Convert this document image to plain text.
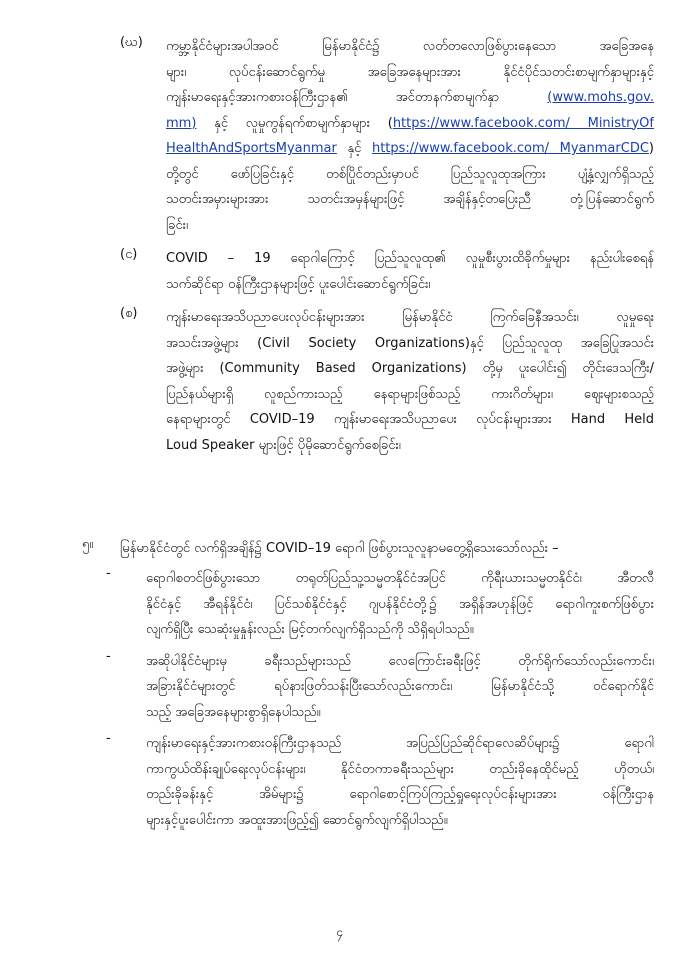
(ဃ)	ကမ္ဘာ့နိုင်ငံများအပါအဝင် မြန်မာနိုင်ငံ၌ လတ်တလောဖြစ်ပွားနေသော အခြေအနေ
များ၊ လုပ်ငန်းဆောင်ရွက်မှု အခြေအနေများအား နိုင်ငံပိုင်သတင်းစာမျက်နှာများနှင့်
ကျန်းမာရေးနှင့်အားကစားဝန်ကြီးဌာန၏ အင်တာနက်စာမျက်နှာ (www.mohs.gov.
mm) နှင့် လူမှုကွန်ရက်စာမျက်နှာများ (https://www.facebook.com/ MinistryOf
HealthAndSportsMyanmar နှင့် https://www.facebook.com/ MyanmarCDC)
တို့တွင် ဖော်ပြခြင်းနှင့် တစ်ပြိုင်တည်းမှာပင် ပြည်သူလူထုအကြား ပျံ့နှံ့လျှက်ရှိသည့်
သတင်းအမှားများအား သတင်းအမှန်များဖြင့် အချိန်နှင့်တပြေးညီ တုံ့ပြန်ဆောင်ရွက်
ခြင်း၊
(င)	COVID – 19 ရောဂါကြောင့် ပြည်သူလူထု၏ လူမှုစီးပွားထိခိုက်မှုများ နည်းပါးစေရန်
သက်ဆိုင်ရာ ဝန်ကြီးဌာနများဖြင့် ပူးပေါင်းဆောင်ရွက်ခြင်း၊
(စ)	ကျန်းမာရေးအသိပညာပေးလုပ်ငန်းများအား မြန်မာနိုင်ငံ ကြက်ခြေနီအသင်း၊ လူမှုရေး
အသင်းအဖွဲ့များ (Civil Society Organizations)နှင့် ပြည်သူလူထု အခြေပြုအသင်း
အဖွဲ့များ (Community Based Organizations) တို့မှ ပူးပေါင်း၍ တိုင်းဒေသကြီး/
ပြည်နယ်များရှိ လူစည်ကားသည့် နေရာများဖြစ်သည့် ကားဂိတ်များ၊ ဈေးများစသည့်
နေရာများတွင် COVID–19 ကျန်းမာရေးအသိပညာပေး လုပ်ငန်းများအား Hand Held
Loud Speaker များဖြင့် ပိုမိုဆောင်ရွက်စေခြင်း၊
၅။	မြန်မာနိုင်ငံတွင် လက်ရှိအချိန်၌ COVID–19 ရောဂါ ဖြစ်ပွားသူလူနာမတွေ့ရှိသေးသော်လည်း –
-	ရောဂါစတင်ဖြစ်ပွားသော တရုတ်ပြည်သူ့သမ္မတနိုင်ငံအပြင် ကိုရီးယားသမ္မတနိုင်ငံ၊ အီတလီ
နိုင်ငံနှင့် အီရန်နိုင်ငံ၊ ပြင်သစ်နိုင်ငံနှင့် ဂျပန်နိုင်ငံတို့၌ အရှိန်အဟုန်ဖြင့် ရောဂါကူးစက်ဖြစ်ပွား
လျက်ရှိပြီး သေဆုံးမှုနှုန်းလည်း မြင့်တက်လျက်ရှိသည်ကို သိရှိရပါသည်။
-	အဆိုပါနိုင်ငံများမှ ခရီးသည်များသည် လေကြောင်းခရီးဖြင့် တိုက်ရိုက်သော်လည်းကောင်း၊
အခြားနိုင်ငံများတွင် ရပ်နားဖြတ်သန်းပြီးသော်လည်းကောင်း၊ မြန်မာနိုင်ငံသို့ ဝင်ရောက်နိုင်
သည့် အခြေအနေများစွာရှိနေပါသည်။
-	ကျန်းမာရေးနှင့်အားကစားဝန်ကြီးဌာနသည် အပြည်ပြည်ဆိုင်ရာလေဆိပ်များ၌ ရောဂါ
ကာကွယ်ထိန်းချုပ်ရေးလုပ်ငန်းများ၊ နိုင်ငံတကာခရီးသည်များ တည်းခိုနေထိုင်မည့် ဟိုတယ်၊
တည်းခိုခန်းနှင့် အိမ်များ၌ ရောဂါစောင့်ကြပ်ကြည့်ရှုရေးလုပ်ငန်းများအား ဝန်ကြီးဌာန
များနှင့်ပူးပေါင်းကာ အထူးအားဖြည့်၍ ဆောင်ရွက်လျက်ရှိပါသည်။
၄
